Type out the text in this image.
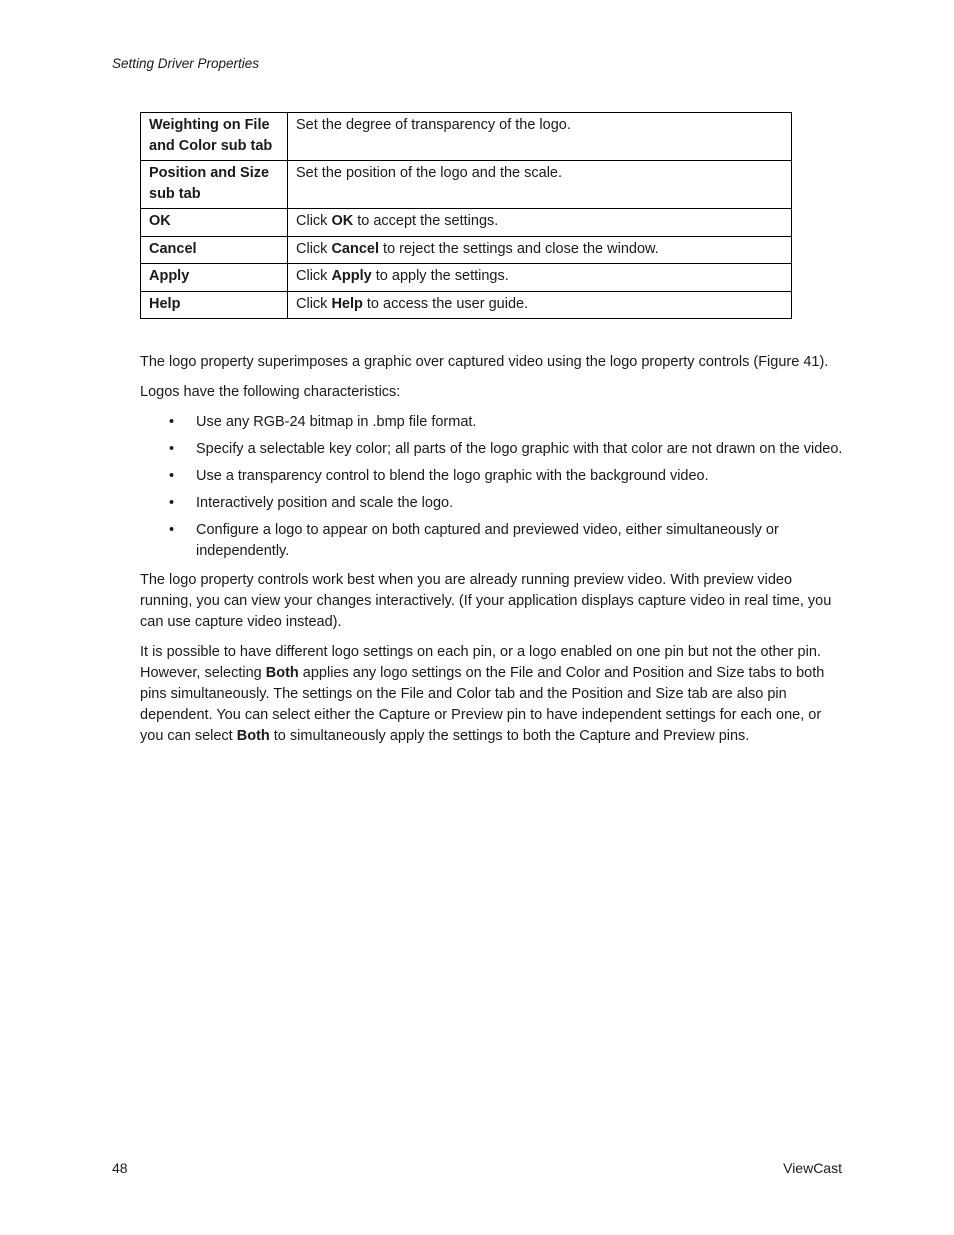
Setting Driver Properties
Weighting on File and Color sub tab	Set the degree of transparency of the logo.
Position and Size sub tab	Set the position of the logo and the scale.
OK	Click OK to accept the settings.
Cancel	Click Cancel to reject the settings and close the window.
Apply	Click Apply to apply the settings.
Help	Click Help to access the user guide.

The logo property superimposes a graphic over captured video using the logo property controls (Figure 41).

Logos have the following characteristics:

• Use any RGB-24 bitmap in .bmp file format.
• Specify a selectable key color; all parts of the logo graphic with that color are not drawn on the video.
• Use a transparency control to blend the logo graphic with the background video.
• Interactively position and scale the logo.
• Configure a logo to appear on both captured and previewed video, either simultaneously or independently.

The logo property controls work best when you are already running preview video. With preview video running, you can view your changes interactively. (If your application displays capture video in real time, you can use capture video instead).

It is possible to have different logo settings on each pin, or a logo enabled on one pin but not the other pin. However, selecting Both applies any logo settings on the File and Color and Position and Size tabs to both pins simultaneously. The settings on the File and Color tab and the Position and Size tab are also pin dependent. You can select either the Capture or Preview pin to have independent settings for each one, or you can select Both to simultaneously apply the settings to both the Capture and Preview pins.

48	ViewCast
